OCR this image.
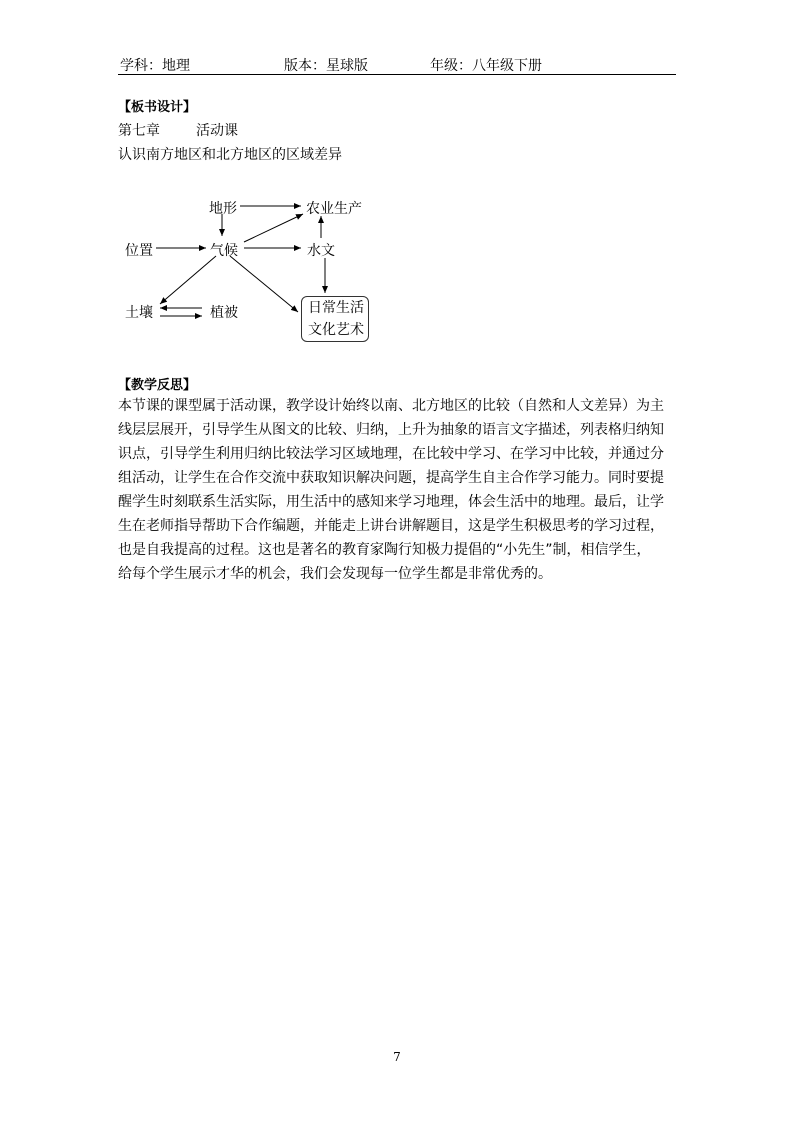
学科：地理	版本：星球版	年级：八年级下册
【板书设计】
第七章	活动课
认识南方地区和北方地区的区域差异
地形	农业生产
位置	气候	水文
土壤	植被	日常生活
文化艺术
【教学反思】
本节课的课型属于活动课，教学设计始终以南、北方地区的比较（自然和人文差异）为主
线层层展开，引导学生从图文的比较、归纳，上升为抽象的语言文字描述，列表格归纳知
识点，引导学生利用归纳比较法学习区域地理，在比较中学习、在学习中比较，并通过分
组活动，让学生在合作交流中获取知识解决问题，提高学生自主合作学习能力。同时要提
醒学生时刻联系生活实际，用生活中的感知来学习地理，体会生活中的地理。最后，让学
生在老师指导帮助下合作编题，并能走上讲台讲解题目，这是学生积极思考的学习过程，
也是自我提高的过程。这也是著名的教育家陶行知极力提倡的“小先生”制，相信学生，
给每个学生展示才华的机会，我们会发现每一位学生都是非常优秀的。
7
